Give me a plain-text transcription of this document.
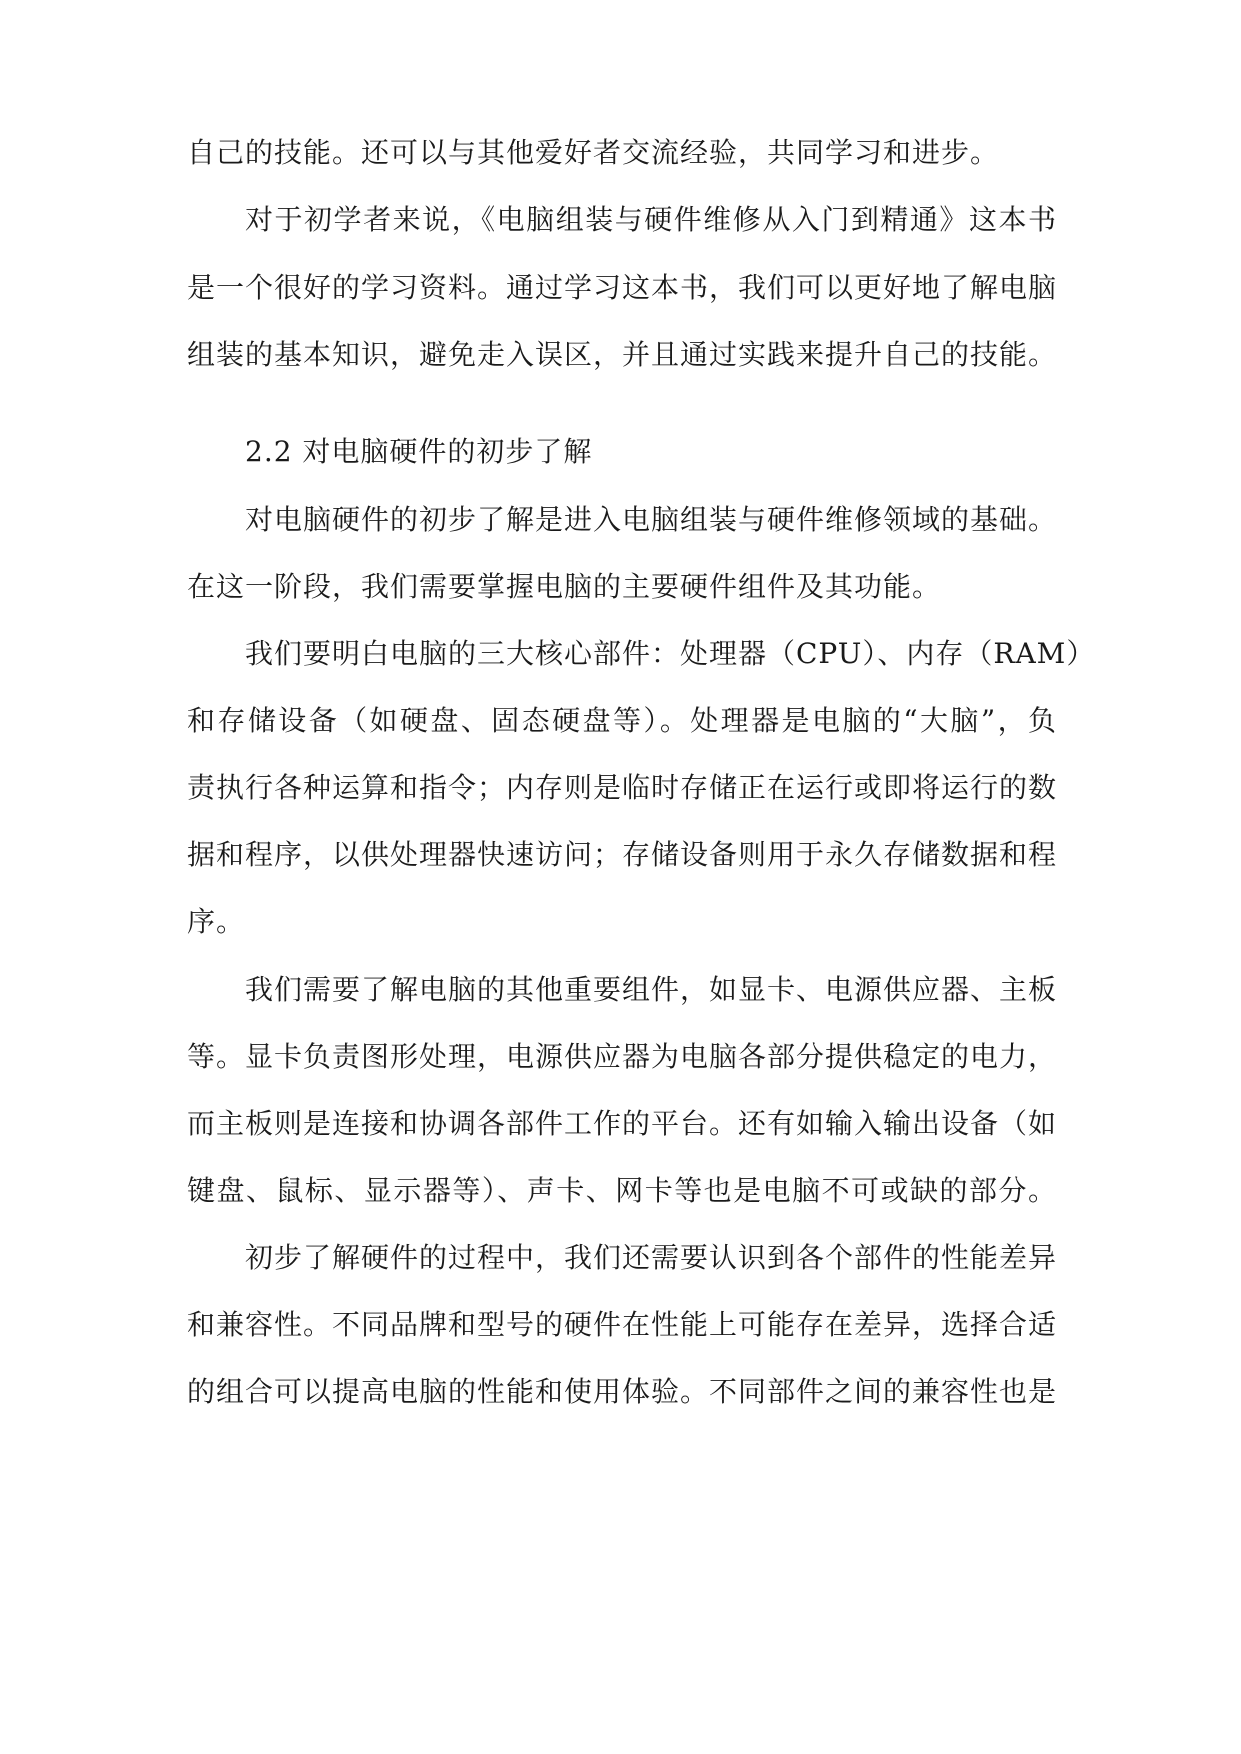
自己的技能。还可以与其他爱好者交流经验，共同学习和进步。

对于初学者来说，《电脑组装与硬件维修从入门到精通》这本书

是一个很好的学习资料。通过学习这本书，我们可以更好地了解电脑

组装的基本知识，避免走入误区，并且通过实践来提升自己的技能。

2.2 对电脑硬件的初步了解

对电脑硬件的初步了解是进入电脑组装与硬件维修领域的基础。

在这一阶段，我们需要掌握电脑的主要硬件组件及其功能。

我们要明白电脑的三大核心部件：处理器（CPU）、内存（RAM）

和存储设备（如硬盘、固态硬盘等）。处理器是电脑的“大脑”，负

责执行各种运算和指令；内存则是临时存储正在运行或即将运行的数

据和程序，以供处理器快速访问；存储设备则用于永久存储数据和程

序。

我们需要了解电脑的其他重要组件，如显卡、电源供应器、主板

等。显卡负责图形处理，电源供应器为电脑各部分提供稳定的电力，

而主板则是连接和协调各部件工作的平台。还有如输入输出设备（如

键盘、鼠标、显示器等）、声卡、网卡等也是电脑不可或缺的部分。

初步了解硬件的过程中，我们还需要认识到各个部件的性能差异

和兼容性。不同品牌和型号的硬件在性能上可能存在差异，选择合适

的组合可以提高电脑的性能和使用体验。不同部件之间的兼容性也是
